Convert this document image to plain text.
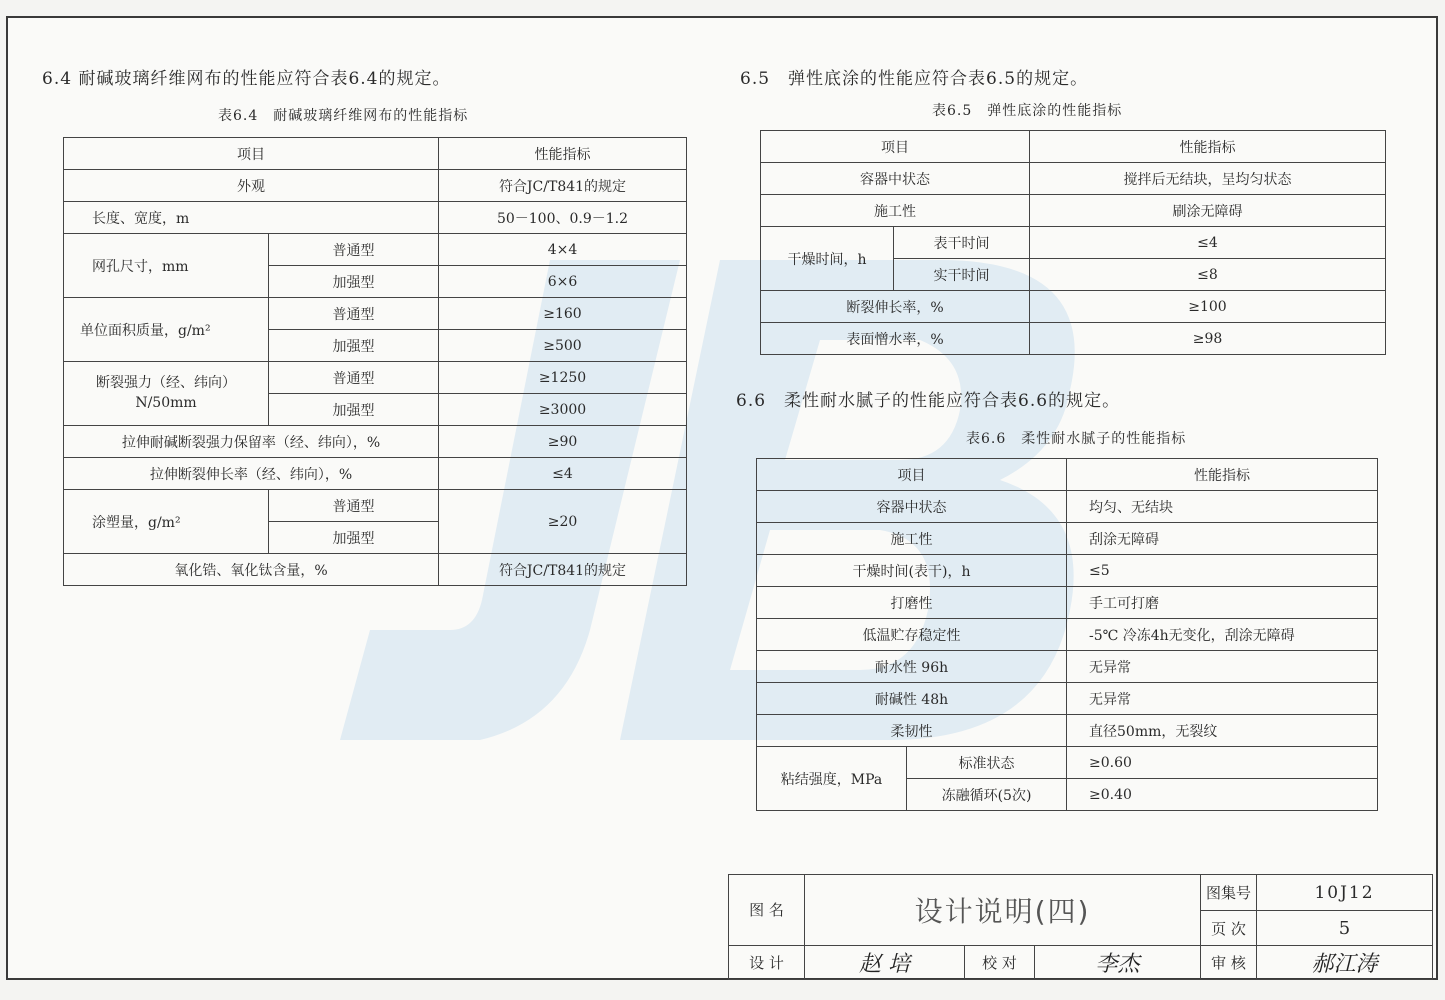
6.4 耐碱玻璃纤维网布的性能应符合表6.4的规定。
表6.4　耐碱玻璃纤维网布的性能指标
项目		性能指标
外观		符合JC/T841的规定
长度、宽度，m		50－100、0.9－1.2
网孔尺寸，mm	普通型	4×4
	加强型	6×6
单位面积质量，g/m²	普通型	≥160
	加强型	≥500
断裂强力（经、纬向）
N/50mm	普通型	≥1250
	加强型	≥3000
拉伸耐碱断裂强力保留率（经、纬向），%		≥90
拉伸断裂伸长率（经、纬向），%		≤4
涂塑量，g/m²	普通型	≥20
	加强型	
氧化锆、氧化钛含量，%		符合JC/T841的规定
6.5　弹性底涂的性能应符合表6.5的规定。
表6.5　弹性底涂的性能指标
项目		性能指标
容器中状态		搅拌后无结块，呈均匀状态
施工性		刷涂无障碍
干燥时间，h	表干时间	≤4
	实干时间	≤8
断裂伸长率，%		≥100
表面憎水率，%		≥98
6.6　柔性耐水腻子的性能应符合表6.6的规定。
表6.6　柔性耐水腻子的性能指标
项目		性能指标
容器中状态		均匀、无结块
施工性		刮涂无障碍
干燥时间(表干)，h		≤5
打磨性		手工可打磨
低温贮存稳定性		-5℃ 冷冻4h无变化，刮涂无障碍
耐水性 96h		无异常
耐碱性 48h		无异常
柔韧性		直径50mm，无裂纹
粘结强度，MPa	标准状态	≥0.60
	冻融循环(5次)	≥0.40
图 名	设计说明(四)			图集号	10J12
				页 次	5
设 计	赵 培	校 对	李杰	审 核	郝江涛
